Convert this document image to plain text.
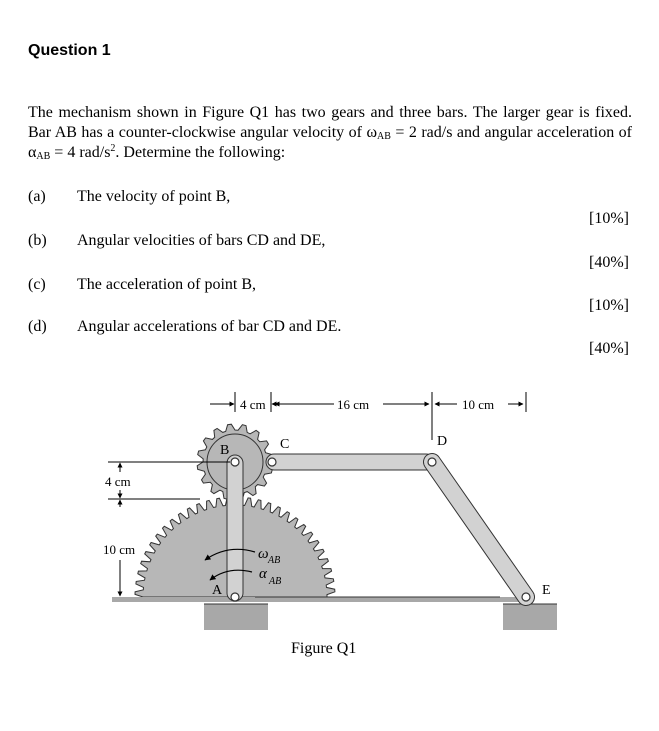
Question 1
The mechanism shown in Figure Q1 has two gears and three bars. The larger gear is fixed. Bar AB has a counter-clockwise angular velocity of $\omega_{AB} = 2$ rad/s and angular acceleration of $\alpha_{AB} = 4$ rad/$s^2$. Determine the following:
(a) The velocity of point B,
[10%]
(b) Angular velocities of bars CD and DE,
[40%]
(c) The acceleration of point B,
[10%]
(d) Angular accelerations of bar CD and DE.
[40%]
4 cm	16 cm	10 cm
4 cm
10 cm
B	C	D
A	E
ω AB
α AB
Figure Q1
